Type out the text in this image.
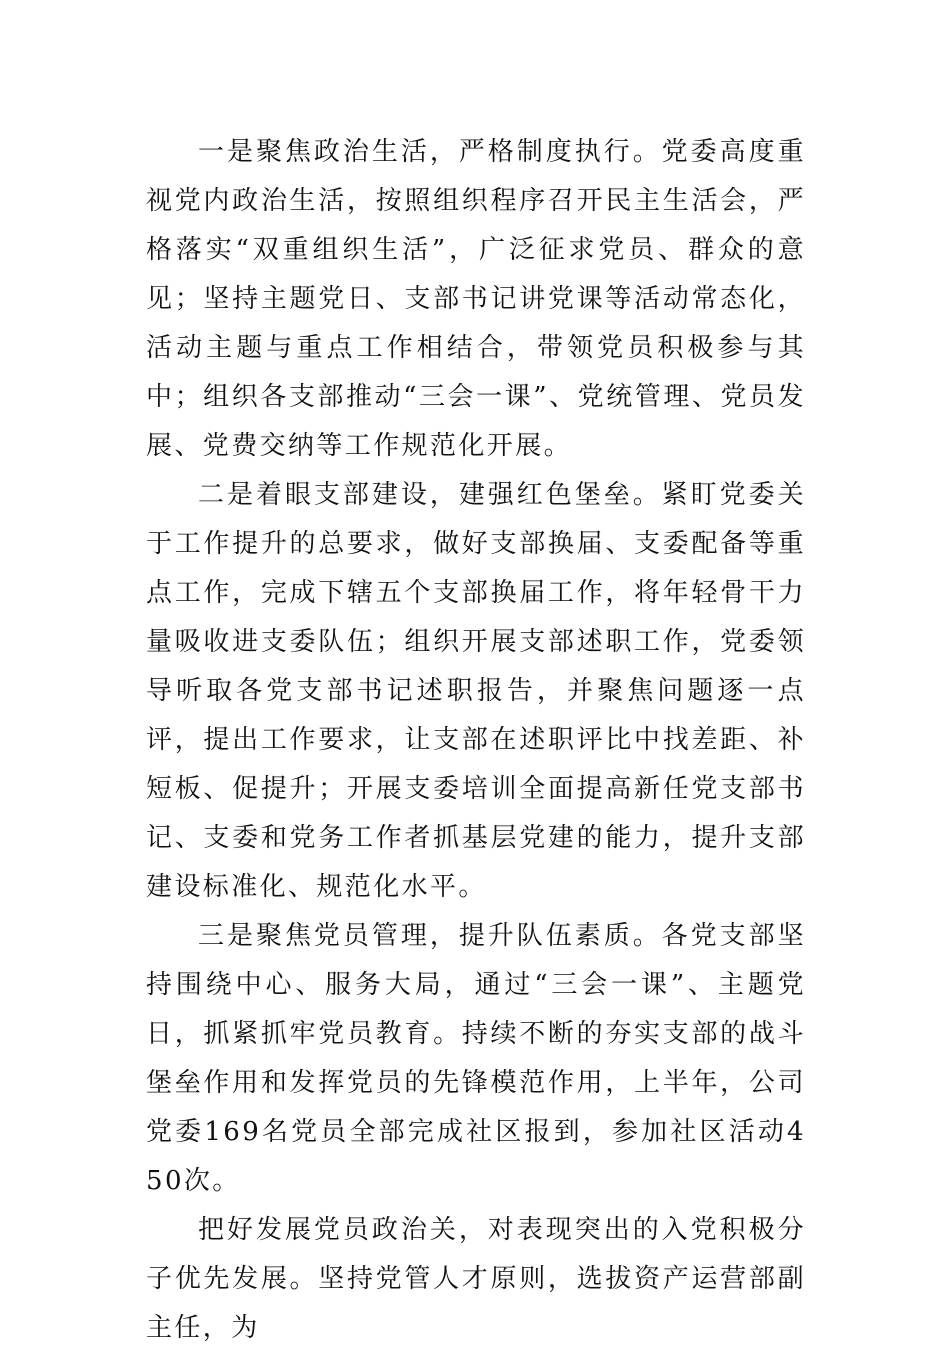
一是聚焦政治生活，严格制度执行。党委高度重视党内政治生活，按照组织程序召开民主生活会，严格落实“双重组织生活”，广泛征求党员、群众的意见；坚持主题党日、支部书记讲党课等活动常态化，活动主题与重点工作相结合，带领党员积极参与其中；组织各支部推动“三会一课”、党统管理、党员发展、党费交纳等工作规范化开展。

二是着眼支部建设，建强红色堡垒。紧盯党委关于工作提升的总要求，做好支部换届、支委配备等重点工作，完成下辖五个支部换届工作，将年轻骨干力量吸收进支委队伍；组织开展支部述职工作，党委领导听取各党支部书记述职报告，并聚焦问题逐一点评，提出工作要求，让支部在述职评比中找差距、补短板、促提升；开展支委培训全面提高新任党支部书记、支委和党务工作者抓基层党建的能力，提升支部建设标准化、规范化水平。

三是聚焦党员管理，提升队伍素质。各党支部坚持围绕中心、服务大局，通过“三会一课”、主题党日，抓紧抓牢党员教育。持续不断的夯实支部的战斗堡垒作用和发挥党员的先锋模范作用，上半年，公司党委169名党员全部完成社区报到，参加社区活动450次。

把好发展党员政治关，对表现突出的入党积极分子优先发展。坚持党管人才原则，选拔资产运营部副主任，为
